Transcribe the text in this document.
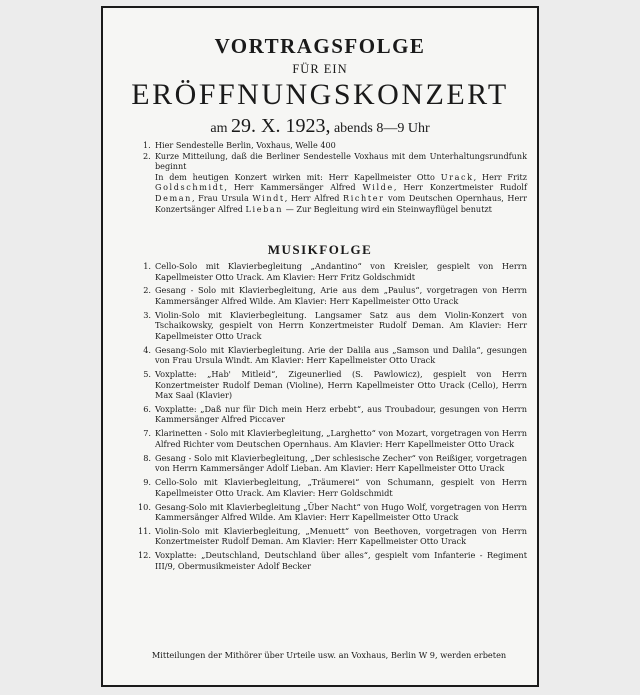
VORTRAGSFOLGE
FÜR EIN
ERÖFFNUNGSKONZERT
am 29. X. 1923, abends 8—9 Uhr
1. Hier Sendestelle Berlin, Voxhaus, Welle 400
2. Kurze Mitteilung, daß die Berliner Sendestelle Voxhaus mit dem Unterhaltungsrundfunk beginnt
In dem heutigen Konzert wirken mit: Herr Kapellmeister Otto Urack, Herr Fritz Goldschmidt, Herr Kammersänger Alfred Wilde, Herr Konzertmeister Rudolf Deman, Frau Ursula Windt, Herr Alfred Richter vom Deutschen Opernhaus, Herr Konzertsänger Alfred Lieban — Zur Begleitung wird ein Steinwayflügel benutzt
MUSIKFOLGE
1. Cello-Solo mit Klavierbegleitung „Andantino“ von Kreisler, gespielt von Herrn Kapellmeister Otto Urack. Am Klavier: Herr Fritz Goldschmidt
2. Gesang - Solo mit Klavierbegleitung, Arie aus dem „Paulus“, vorgetragen von Herrn Kammersänger Alfred Wilde. Am Klavier: Herr Kapellmeister Otto Urack
3. Violin-Solo mit Klavierbegleitung. Langsamer Satz aus dem Violin-Konzert von Tschaikowsky, gespielt von Herrn Konzertmeister Rudolf Deman. Am Klavier: Herr Kapellmeister Otto Urack
4. Gesang-Solo mit Klavierbegleitung. Arie der Dalila aus „Samson und Dalila“, gesungen von Frau Ursula Windt. Am Klavier: Herr Kapellmeister Otto Urack
5. Voxplatte: „Hab' Mitleid“, Zigeunerlied (S. Pawlowicz), gespielt von Herrn Konzertmeister Rudolf Deman (Violine), Herrn Kapellmeister Otto Urack (Cello), Herrn Max Saal (Klavier)
6. Voxplatte: „Daß nur für Dich mein Herz erbebt“, aus Troubadour, gesungen von Herrn Kammersänger Alfred Piccaver
7. Klarinetten - Solo mit Klavierbegleitung, „Larghetto“ von Mozart, vorgetragen von Herrn Alfred Richter vom Deutschen Opernhaus. Am Klavier: Herr Kapellmeister Otto Urack
8. Gesang - Solo mit Klavierbegleitung, „Der schlesische Zecher“ von Reißiger, vorgetragen von Herrn Kammersänger Adolf Lieban. Am Klavier: Herr Kapellmeister Otto Urack
9. Cello-Solo mit Klavierbegleitung, „Träumerei“ von Schumann, gespielt von Herrn Kapellmeister Otto Urack. Am Klavier: Herr Goldschmidt
10. Gesang-Solo mit Klavierbegleitung „Über Nacht“ von Hugo Wolf, vorgetragen von Herrn Kammersänger Alfred Wilde. Am Klavier: Herr Kapellmeister Otto Urack
11. Violin-Solo mit Klavierbegleitung, „Menuett“ von Beethoven, vorgetragen von Herrn Konzertmeister Rudolf Deman. Am Klavier: Herr Kapellmeister Otto Urack
12. Voxplatte: „Deutschland, Deutschland über alles“, gespielt vom Infanterie - Regiment III/9, Obermusikmeister Adolf Becker
Mitteilungen der Mithörer über Urteile usw. an Voxhaus, Berlin W 9, werden erbeten
